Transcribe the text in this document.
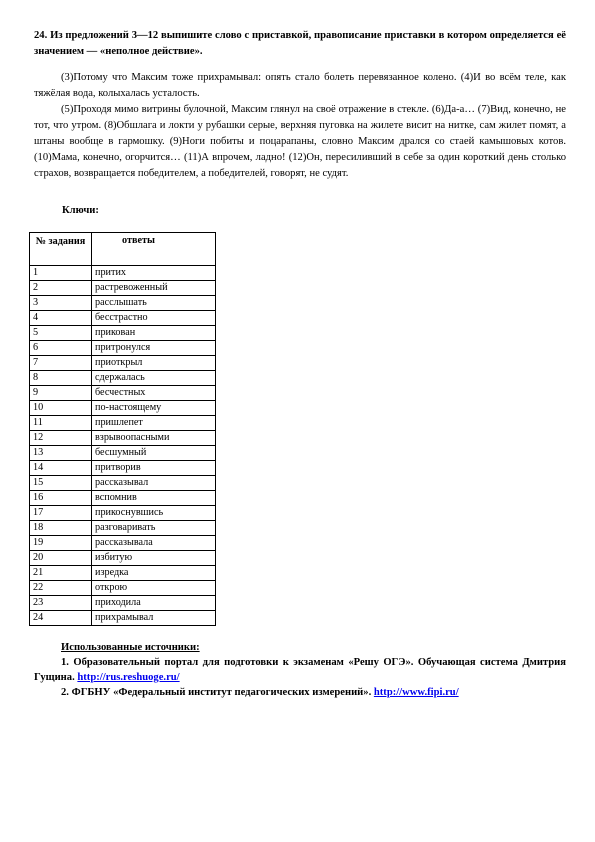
24. Из предложений 3—12 выпишите слово с приставкой, правописание приставки в котором определяется её значением — «неполное действие».

(3)Потому что Максим тоже прихрамывал: опять стало болеть перевязанное колено. (4)И во всём теле, как тяжёлая вода, колыхалась усталость.

(5)Проходя мимо витрины булочной, Максим глянул на своё отражение в стекле. (6)Да-а… (7)Вид, конечно, не тот, что утром. (8)Обшлага и локти у рубашки серые, верхняя пуговка на жилете висит на нитке, сам жилет помят, а штаны вообще в гармошку. (9)Ноги побиты и поцарапаны, словно Максим дрался со стаей камышовых котов. (10)Мама, конечно, огорчится… (11)А впрочем, ладно! (12)Он, пересиливший в себе за один короткий день столько страхов, возвращается победителем, а победителей, говорят, не судят.

Ключи:
№ задания	ответы
1	притих
2	растревоженный
3	расслышать
4	бесстрастно
5	прикован
6	притронулся
7	приоткрыл
8	сдержалась
9	бесчестных
10	по-настоящему
11	пришлепет
12	взрывоопасными
13	бесшумный
14	притворив
15	рассказывал
16	вспомнив
17	прикоснувшись
18	разговаривать
19	рассказывала
20	избитую
21	изредка
22	открою
23	приходила
24	прихрамывал
Использованные источники:

1. Образовательный портал для подготовки к экзаменам «Решу ОГЭ». Обучающая система Дмитрия Гущина. http://rus.reshuoge.ru/

2. ФГБНУ «Федеральный институт педагогических измерений». http://www.fipi.ru/
